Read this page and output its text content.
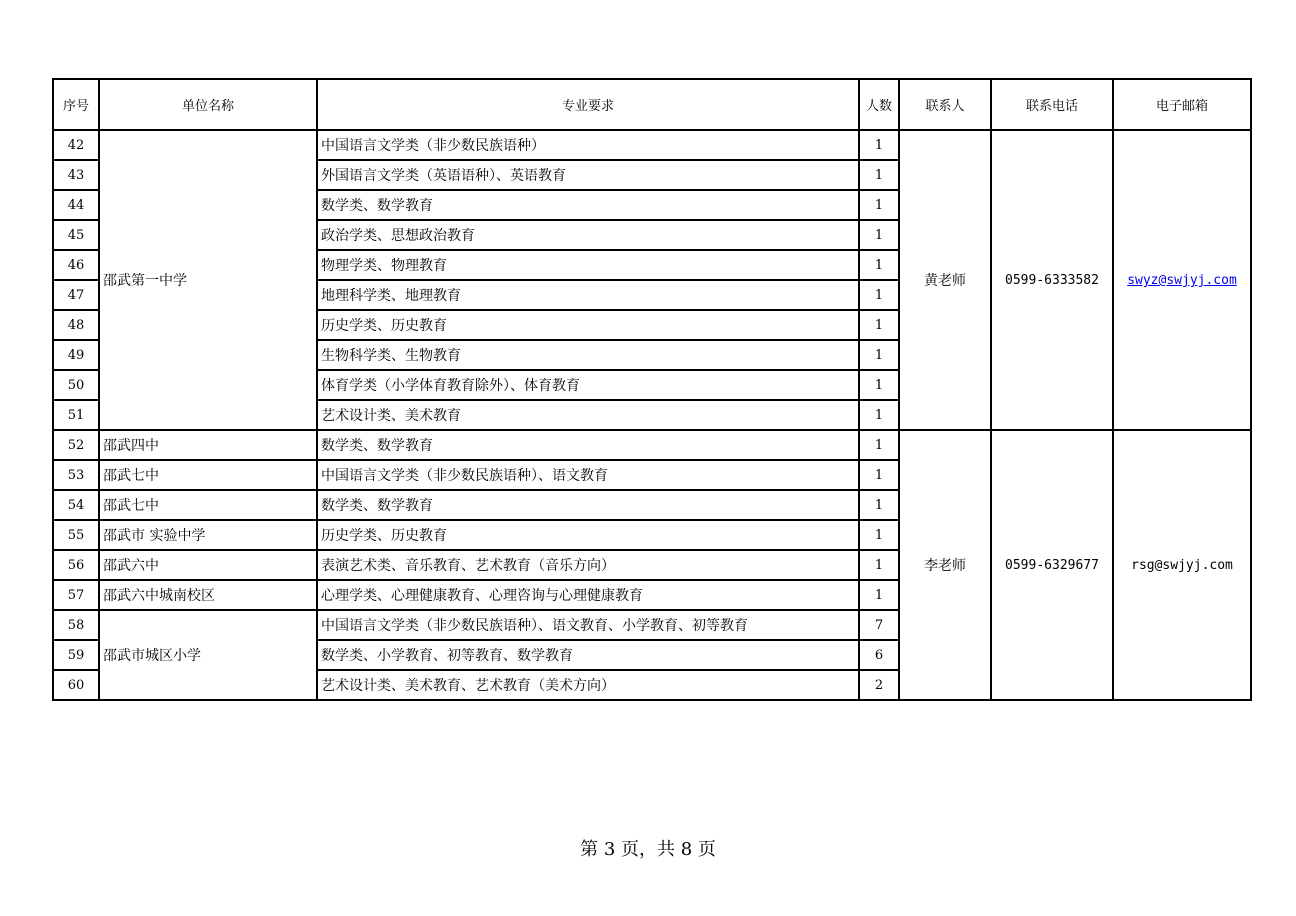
序号	单位名称	专业要求	人数	联系人	联系电话	电子邮箱
42	邵武第一中学	中国语言文学类（非少数民族语种）	1	黄老师	0599-6333582	swyz@swjyj.com
43		外国语言文学类（英语语种）、英语教育	1			
44		数学类、数学教育	1			
45		政治学类、思想政治教育	1			
46		物理学类、物理教育	1			
47		地理科学类、地理教育	1			
48		历史学类、历史教育	1			
49		生物科学类、生物教育	1			
50		体育学类（小学体育教育除外）、体育教育	1			
51		艺术设计类、美术教育	1			
52	邵武四中	数学类、数学教育	1	李老师	0599-6329677	rsg@swjyj.com
53	邵武七中	中国语言文学类（非少数民族语种）、语文教育	1			
54	邵武七中	数学类、数学教育	1			
55	邵武市 实验中学	历史学类、历史教育	1			
56	邵武六中	表演艺术类、音乐教育、艺术教育（音乐方向）	1			
57	邵武六中城南校区	心理学类、心理健康教育、心理咨询与心理健康教育	1			
58	邵武市城区小学	中国语言文学类（非少数民族语种）、语文教育、小学教育、初等教育	7			
59		数学类、小学教育、初等教育、数学教育	6			
60		艺术设计类、美术教育、艺术教育（美术方向）	2			
第 3 页，共 8 页
